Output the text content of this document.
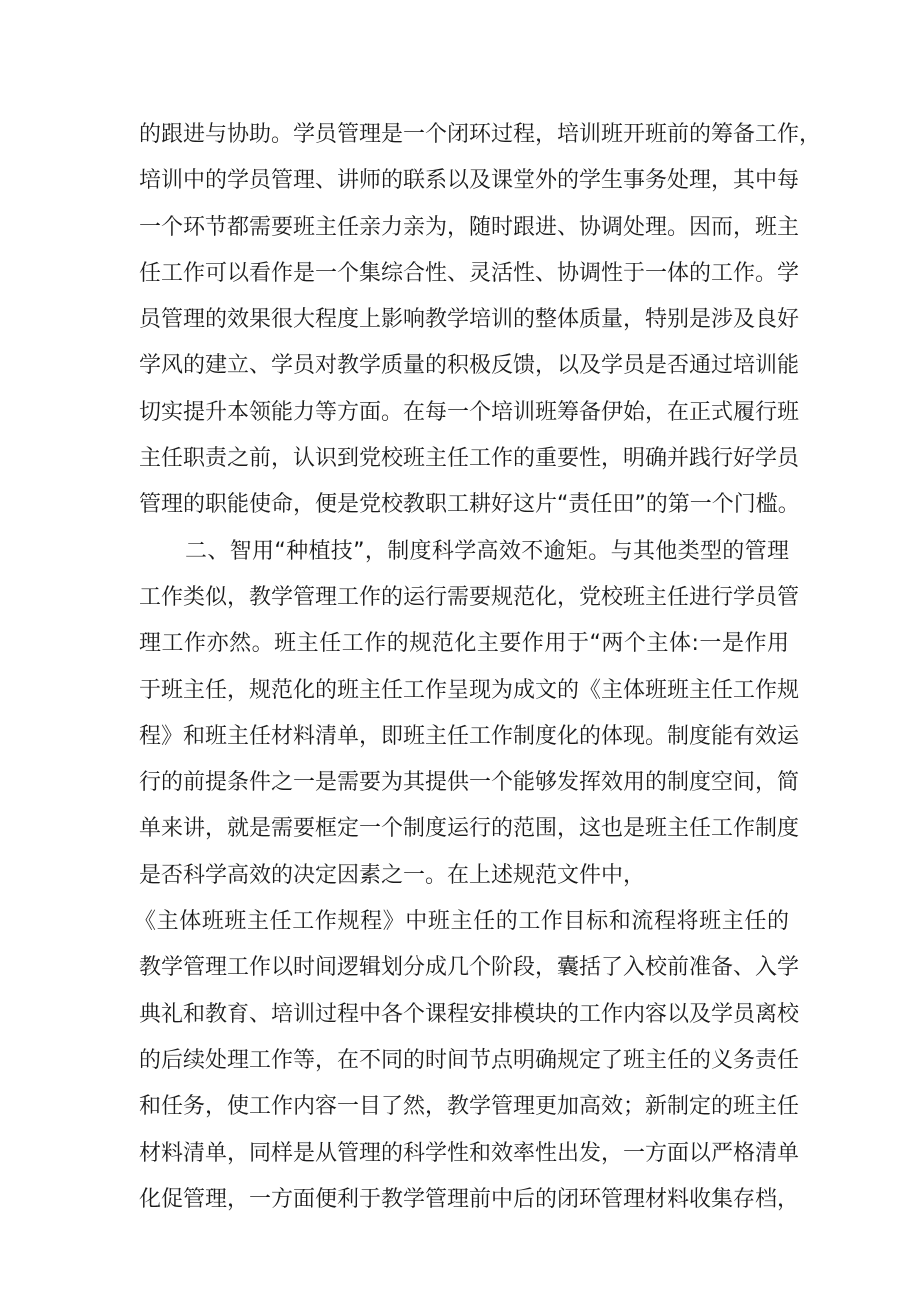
的跟进与协助。学员管理是一个闭环过程，培训班开班前的筹备工作，
培训中的学员管理、讲师的联系以及课堂外的学生事务处理，其中每
一个环节都需要班主任亲力亲为，随时跟进、协调处理。因而，班主
任工作可以看作是一个集综合性、灵活性、协调性于一体的工作。学
员管理的效果很大程度上影响教学培训的整体质量，特别是涉及良好
学风的建立、学员对教学质量的积极反馈，以及学员是否通过培训能
切实提升本领能力等方面。在每一个培训班筹备伊始，在正式履行班
主任职责之前，认识到党校班主任工作的重要性，明确并践行好学员
管理的职能使命，便是党校教职工耕好这片“责任田”的第一个门槛。
二、智用“种植技”，制度科学高效不逾矩。与其他类型的管理
工作类似，教学管理工作的运行需要规范化，党校班主任进行学员管
理工作亦然。班主任工作的规范化主要作用于“两个主体:一是作用
于班主任，规范化的班主任工作呈现为成文的《主体班班主任工作规
程》和班主任材料清单，即班主任工作制度化的体现。制度能有效运
行的前提条件之一是需要为其提供一个能够发挥效用的制度空间，简
单来讲，就是需要框定一个制度运行的范围，这也是班主任工作制度
是否科学高效的决定因素之一。在上述规范文件中，
《主体班班主任工作规程》中班主任的工作目标和流程将班主任的
教学管理工作以时间逻辑划分成几个阶段，囊括了入校前准备、入学
典礼和教育、培训过程中各个课程安排模块的工作内容以及学员离校
的后续处理工作等，在不同的时间节点明确规定了班主任的义务责任
和任务，使工作内容一目了然，教学管理更加高效；新制定的班主任
材料清单，同样是从管理的科学性和效率性出发，一方面以严格清单
化促管理，一方面便利于教学管理前中后的闭环管理材料收集存档，
